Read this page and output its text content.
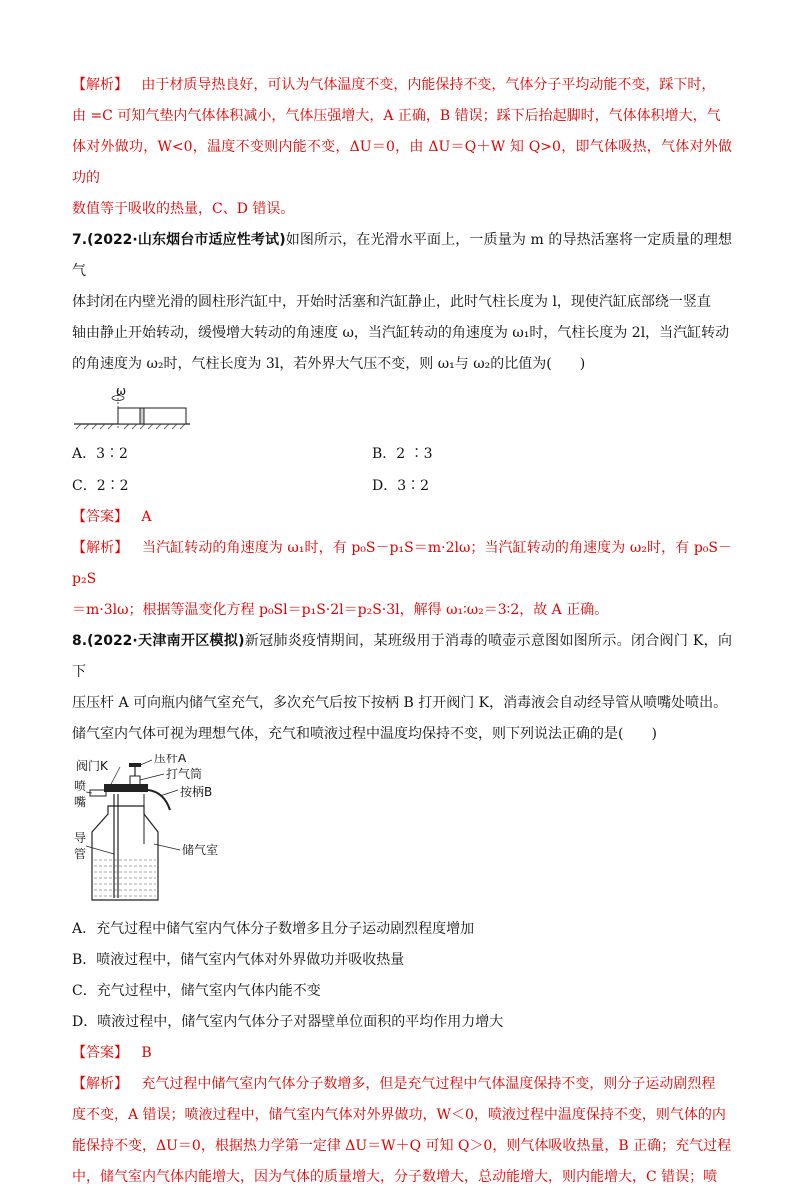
【解析】 由于材质导热良好，可认为气体温度不变，内能保持不变，气体分子平均动能不变，踩下时，

由 =C 可知气垫内气体体积减小，气体压强增大，A 正确，B 错误；踩下后抬起脚时，气体体积增大，气

体对外做功，W<0，温度不变则内能不变，ΔU＝0，由 ΔU＝Q＋W 知 Q>0，即气体吸热，气体对外做功的

数值等于吸收的热量，C、D 错误。

7.(2022·山东烟台市适应性考试)如图所示，在光滑水平面上，一质量为 m 的导热活塞将一定质量的理想气

体封闭在内壁光滑的圆柱形汽缸中，开始时活塞和汽缸静止，此时气柱长度为 l，现使汽缸底部绕一竖直

轴由静止开始转动，缓慢增大转动的角速度 ω，当汽缸转动的角速度为 ω₁时，气柱长度为 2l，当汽缸转动

的角速度为 ω₂时，气柱长度为 3l，若外界大气压不变，则 ω₁与 ω₂的比值为(　　)

ω
A．3∶2	B．2 ∶3
C．2∶2	D．3∶2

【答案】 A

【解析】 当汽缸转动的角速度为 ω₁时，有 p₀S－p₁S＝m·2lω；当汽缸转动的角速度为 ω₂时，有 p₀S－p₂S

＝m·3lω；根据等温变化方程 p₀Sl＝p₁S·2l＝p₂S·3l，解得 ω₁∶ω₂＝3∶2，故 A 正确。

8.(2022·天津南开区模拟)新冠肺炎疫情期间，某班级用于消毒的喷壶示意图如图所示。闭合阀门 K，向下

压压杆 A 可向瓶内储气室充气，多次充气后按下按柄 B 打开阀门 K，消毒液会自动经导管从喷嘴处喷出。

储气室内气体可视为理想气体，充气和喷液过程中温度均保持不变，则下列说法正确的是(　　)

阀门K
压杆A
打气筒
喷
嘴
按柄B
导
管	储气室

A．充气过程中储气室内气体分子数增多且分子运动剧烈程度增加

B．喷液过程中，储气室内气体对外界做功并吸收热量

C．充气过程中，储气室内气体内能不变

D．喷液过程中，储气室内气体分子对器壁单位面积的平均作用力增大

【答案】 B

【解析】 充气过程中储气室内气体分子数增多，但是充气过程中气体温度保持不变，则分子运动剧烈程

度不变，A 错误；喷液过程中，储气室内气体对外界做功，W＜0，喷液过程中温度保持不变，则气体的内

能保持不变，ΔU＝0，根据热力学第一定律 ΔU＝W＋Q 可知 Q＞0，则气体吸收热量，B 正确；充气过程

中，储气室内气体内能增大，因为气体的质量增大，分子数增大，总动能增大，则内能增大，C 错误；喷
